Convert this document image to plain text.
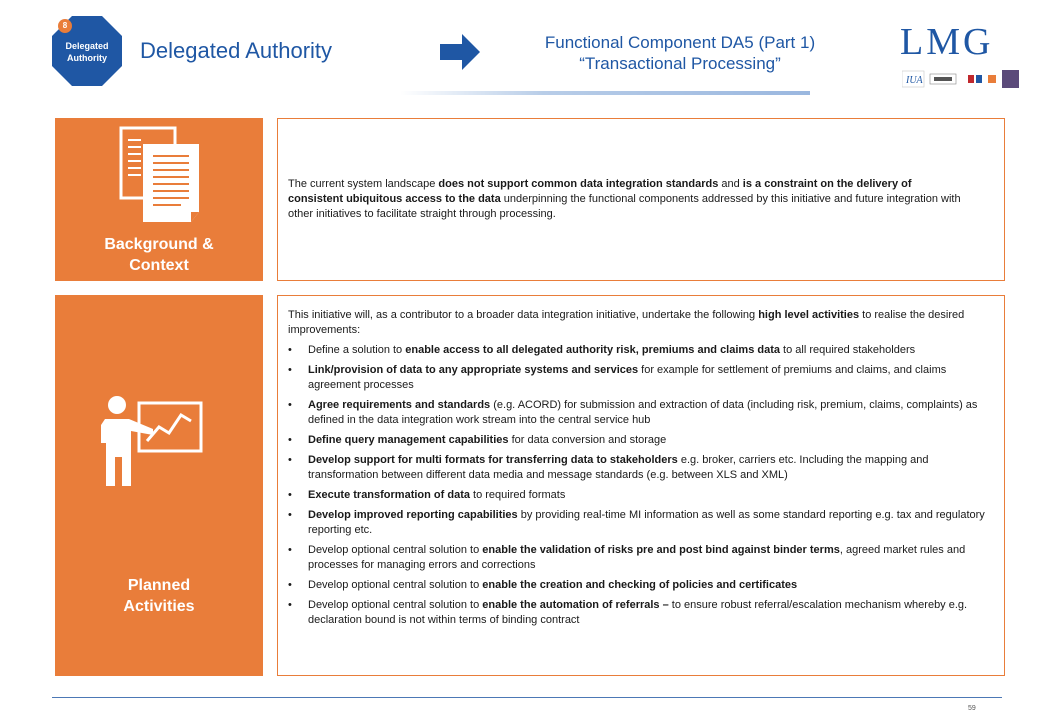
8
Delegated
Authority	Delegated Authority	Functional Component DA5 (Part 1)
“Transactional Processing”
LMG
IUA
Background &
Context
The current system landscape does not support common data integration standards and is a constraint on the delivery of consistent ubiquitous access to the data underpinning the functional components addressed by this initiative and future integration with other initiatives to facilitate straight through processing.
Planned
Activities
This initiative will, as a contributor to a broader data integration initiative, undertake the following high level activities to realise the desired improvements:
• Define a solution to enable access to all delegated authority risk, premiums and claims data to all required stakeholders
• Link/provision of data to any appropriate systems and services for example for settlement of premiums and claims, and claims agreement processes
• Agree requirements and standards (e.g. ACORD) for submission and extraction of data (including risk, premium, claims, complaints) as defined in the data integration work stream into the central service hub
• Define query management capabilities for data conversion and storage
• Develop support for multi formats for transferring data to stakeholders e.g. broker, carriers etc. Including the mapping and transformation between different data media and message standards (e.g. between XLS and XML)
• Execute transformation of data to required formats
• Develop improved reporting capabilities by providing real-time MI information as well as some standard reporting e.g. tax and regulatory reporting etc.
• Develop optional central solution to enable the validation of risks pre and post bind against binder terms, agreed market rules and processes for managing errors and corrections
• Develop optional central solution to enable the creation and checking of policies and certificates
• Develop optional central solution to enable the automation of referrals – to ensure robust referral/escalation mechanism whereby e.g. declaration bound is not within terms of binding contract
59
